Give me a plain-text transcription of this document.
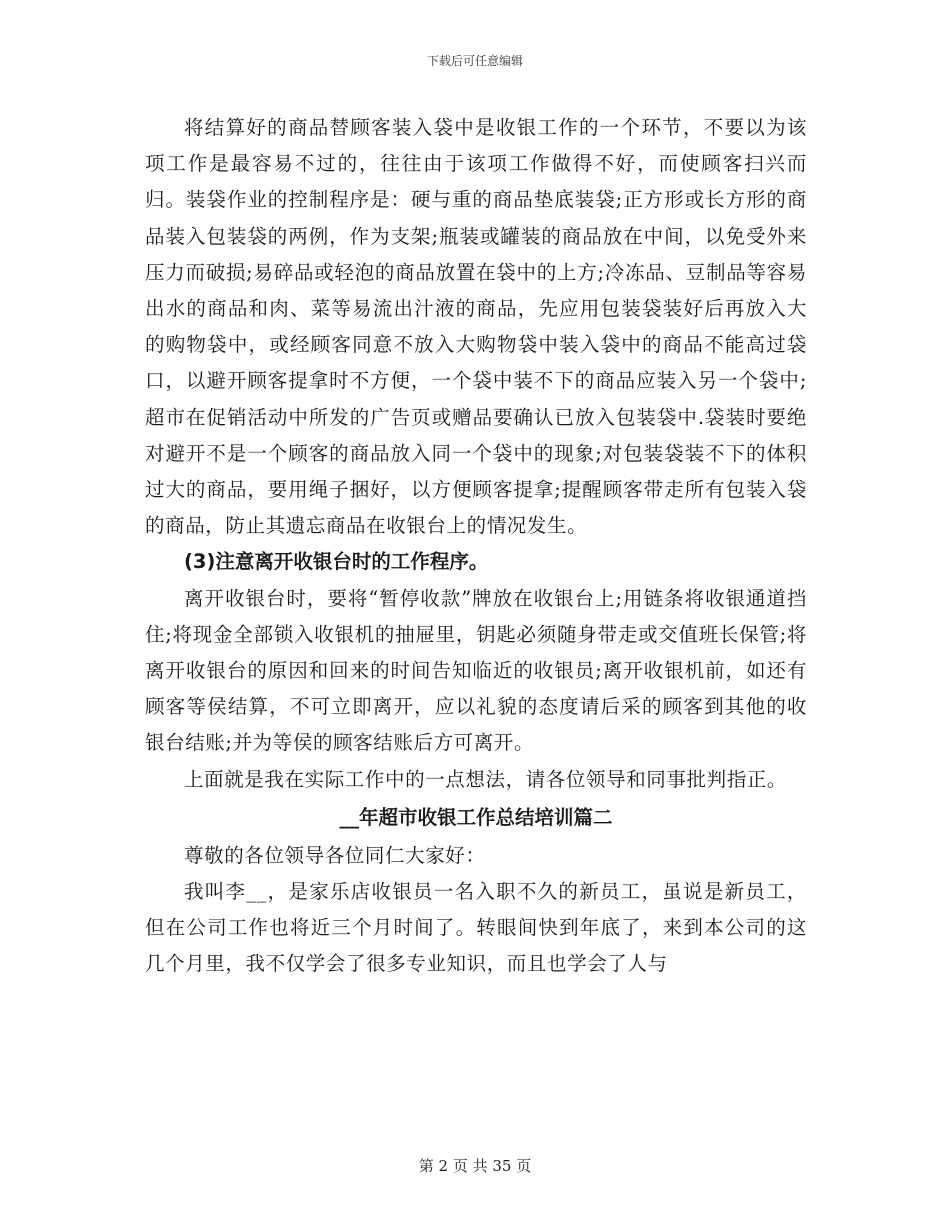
下载后可任意编辑

将结算好的商品替顾客装入袋中是收银工作的一个环节，不要以为该项工作是最容易不过的，往往由于该项工作做得不好，而使顾客扫兴而归。装袋作业的控制程序是：硬与重的商品垫底装袋;正方形或长方形的商品装入包装袋的两例，作为支架;瓶装或罐装的商品放在中间，以免受外来压力而破损;易碎品或轻泡的商品放置在袋中的上方;冷冻品、豆制品等容易出水的商品和肉、菜等易流出汁液的商品，先应用包装袋装好后再放入大的购物袋中，或经顾客同意不放入大购物袋中装入袋中的商品不能高过袋口，以避开顾客提拿时不方便，一个袋中装不下的商品应装入另一个袋中;超市在促销活动中所发的广告页或赠品要确认已放入包装袋中.袋装时要绝对避开不是一个顾客的商品放入同一个袋中的现象;对包装袋装不下的体积过大的商品，要用绳子捆好，以方便顾客提拿;提醒顾客带走所有包装入袋的商品，防止其遗忘商品在收银台上的情况发生。

(3)注意离开收银台时的工作程序。

离开收银台时，要将“暂停收款”牌放在收银台上;用链条将收银通道挡住;将现金全部锁入收银机的抽屉里，钥匙必须随身带走或交值班长保管;将离开收银台的原因和回来的时间告知临近的收银员;离开收银机前，如还有顾客等侯结算，不可立即离开，应以礼貌的态度请后采的顾客到其他的收银台结账;并为等侯的顾客结账后方可离开。

上面就是我在实际工作中的一点想法，请各位领导和同事批判指正。

__年超市收银工作总结培训篇二

尊敬的各位领导各位同仁大家好：

我叫李__，是家乐店收银员一名入职不久的新员工，虽说是新员工，但在公司工作也将近三个月时间了。转眼间快到年底了，来到本公司的这几个月里，我不仅学会了很多专业知识，而且也学会了人与

第 2 页 共 35 页
